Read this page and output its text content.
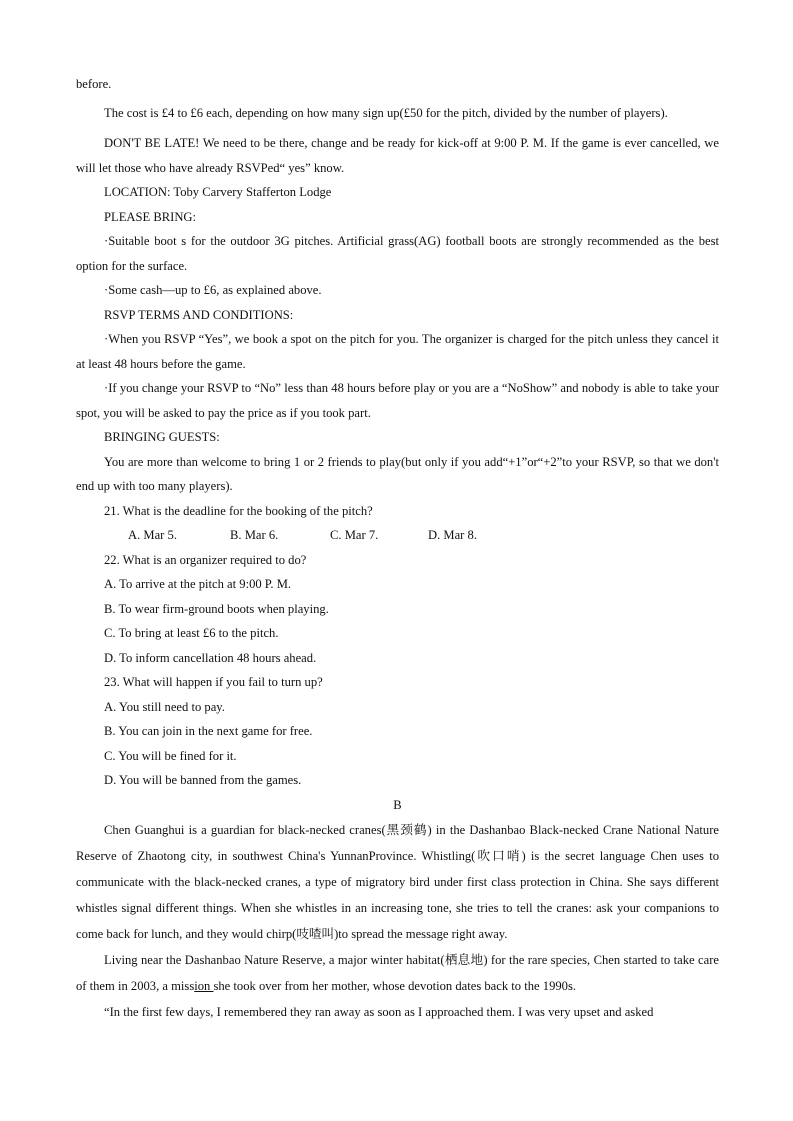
before.

The cost is £4 to £6 each, depending on how many sign up(£50 for the pitch, divided by the number of players).

DON'T BE LATE! We need to be there, change and be ready for kick-off at 9:00 P. M. If the game is ever cancelled, we will let those who have already RSVPed“ yes” know.

LOCATION: Toby Carvery Stafferton Lodge

PLEASE BRING:

·Suitable boot s for the outdoor 3G pitches. Artificial grass(AG) football boots are strongly recommended as the best option for the surface.

·Some cash—up to £6, as explained above.

RSVP TERMS AND CONDITIONS:

·When you RSVP “Yes”, we book a spot on the pitch for you. The organizer is charged for the pitch unless they cancel it at least 48 hours before the game.

·If you change your RSVP to “No” less than 48 hours before play or you are a “NoShow” and nobody is able to take your spot, you will be asked to pay the price as if you took part.

BRINGING GUESTS:

You are more than welcome to bring 1 or 2 friends to play(but only if you add“+1”or“+2”to your RSVP, so that we don't end up with too many players).

21. What is the deadline for the booking of the pitch?

A. Mar 5.	B. Mar 6.	C. Mar 7.	D. Mar 8.

22. What is an organizer required to do?

A. To arrive at the pitch at 9:00 P. M.

B. To wear firm-ground boots when playing.

C. To bring at least £6 to the pitch.

D. To inform cancellation 48 hours ahead.

23. What will happen if you fail to turn up?

A. You still need to pay.

B. You can join in the next game for free.

C. You will be fined for it.

D. You will be banned from the games.

B

Chen Guanghui is a guardian for black-necked cranes(黑颈鹤) in the Dashanbao Black-necked Crane National Nature Reserve of Zhaotong city, in southwest China's YunnanProvince. Whistling(吹口哨) is the secret language Chen uses to communicate with the black-necked cranes, a type of migratory bird under first class protection in China. She says different whistles signal different things. When she whistles in an increasing tone, she tries to tell the cranes: ask your companions to come back for lunch, and they would chirp(吱喳叫)to spread the message right away.

Living near the Dashanbao Nature Reserve, a major winter habitat(栖息地) for the rare species, Chen started to take care of them in 2003, a mission she took over from her mother, whose devotion dates back to the 1990s.

“In the first few days, I remembered they ran away as soon as I approached them. I was very upset and asked
